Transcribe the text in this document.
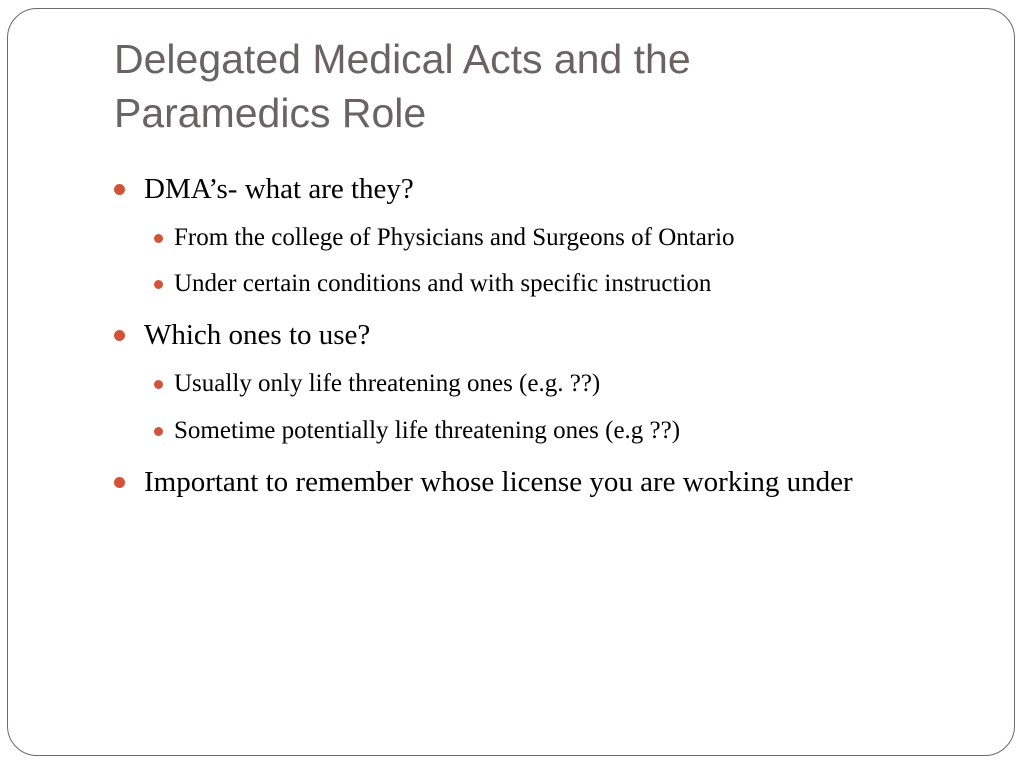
Delegated Medical Acts and the
Paramedics Role
DMA’s- what are they?
From the college of Physicians and Surgeons of Ontario
Under certain conditions and with specific instruction
Which ones to use?
Usually only life threatening ones (e.g. ??)
Sometime potentially life threatening ones (e.g ??)
Important to remember whose license you are working under
